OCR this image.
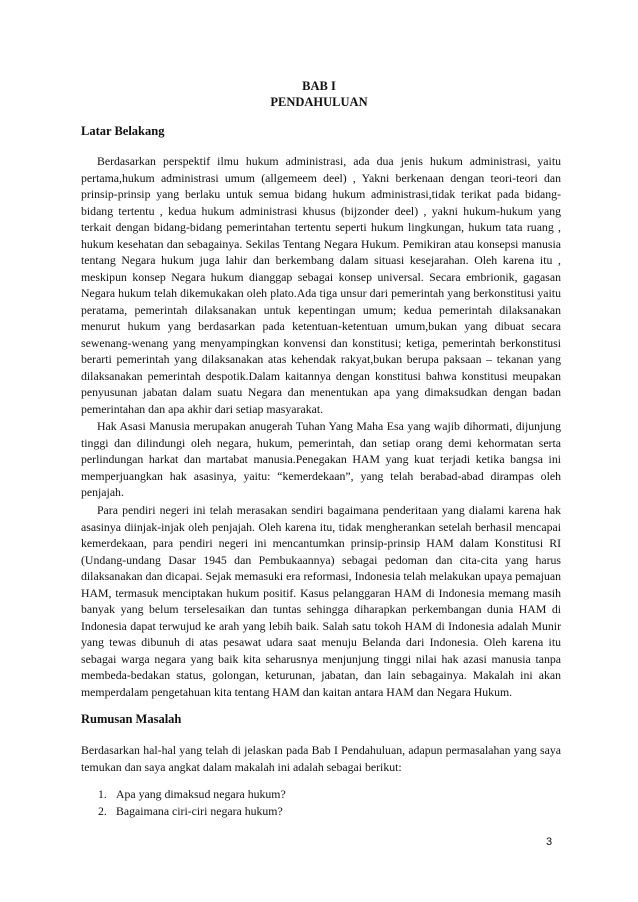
BAB I
PENDAHULUAN
Latar Belakang

Berdasarkan perspektif ilmu hukum administrasi, ada dua jenis hukum administrasi, yaitu pertama,hukum administrasi umum (allgemeem deel) , Yakni berkenaan dengan teori-teori dan prinsip-prinsip yang berlaku untuk semua bidang hukum administrasi,tidak terikat pada bidang-bidang tertentu , kedua hukum administrasi khusus (bijzonder deel) , yakni hukum-hukum yang terkait dengan bidang-bidang pemerintahan tertentu seperti hukum lingkungan, hukum tata ruang , hukum kesehatan dan sebagainya. Sekilas Tentang Negara Hukum. Pemikiran atau konsepsi manusia tentang Negara hukum juga lahir dan berkembang dalam situasi kesejarahan. Oleh karena itu , meskipun konsep Negara hukum dianggap sebagai konsep universal. Secara embrionik, gagasan Negara hukum telah dikemukakan oleh plato.Ada tiga unsur dari pemerintah yang berkonstitusi yaitu peratama, pemerintah dilaksanakan untuk kepentingan umum; kedua pemerintah dilaksanakan menurut hukum yang berdasarkan pada ketentuan-ketentuan umum,bukan yang dibuat secara sewenang-wenang yang menyampingkan konvensi dan konstitusi; ketiga, pemerintah berkonstitusi berarti pemerintah yang dilaksanakan atas kehendak rakyat,bukan berupa paksaan – tekanan yang dilaksanakan pemerintah despotik.Dalam kaitannya dengan konstitusi bahwa konstitusi meupakan penyusunan jabatan dalam suatu Negara dan menentukan apa yang dimaksudkan dengan badan pemerintahan dan apa akhir dari setiap masyarakat.

Hak Asasi Manusia merupakan anugerah Tuhan Yang Maha Esa yang wajib dihormati, dijunjung tinggi dan dilindungi oleh negara, hukum, pemerintah, dan setiap orang demi kehormatan serta perlindungan harkat dan martabat manusia.Penegakan HAM yang kuat terjadi ketika bangsa ini memperjuangkan hak asasinya, yaitu: “kemerdekaan”, yang telah berabad-abad dirampas oleh penjajah.

Para pendiri negeri ini telah merasakan sendiri bagaimana penderitaan yang dialami karena hak asasinya diinjak-injak oleh penjajah. Oleh karena itu, tidak mengherankan setelah berhasil mencapai kemerdekaan, para pendiri negeri ini mencantumkan prinsip-prinsip HAM dalam Konstitusi RI (Undang-undang Dasar 1945 dan Pembukaannya) sebagai pedoman dan cita-cita yang harus dilaksanakan dan dicapai. Sejak memasuki era reformasi, Indonesia telah melakukan upaya pemajuan HAM, termasuk menciptakan hukum positif. Kasus pelanggaran HAM di Indonesia memang masih banyak yang belum terselesaikan dan tuntas sehingga diharapkan perkembangan dunia HAM di Indonesia dapat terwujud ke arah yang lebih baik. Salah satu tokoh HAM di Indonesia adalah Munir yang tewas dibunuh di atas pesawat udara saat menuju Belanda dari Indonesia. Oleh karena itu sebagai warga negara yang baik kita seharusnya menjunjung tinggi nilai hak azasi manusia tanpa membeda-bedakan status, golongan, keturunan, jabatan, dan lain sebagainya. Makalah ini akan memperdalam pengetahuan kita tentang HAM dan kaitan antara HAM dan Negara Hukum.

Rumusan Masalah

Berdasarkan hal-hal yang telah di jelaskan pada Bab I Pendahuluan, adapun permasalahan yang saya temukan dan saya angkat dalam makalah ini adalah sebagai berikut:

1. Apa yang dimaksud negara hukum?
2. Bagaimana ciri-ciri negara hukum?
3
